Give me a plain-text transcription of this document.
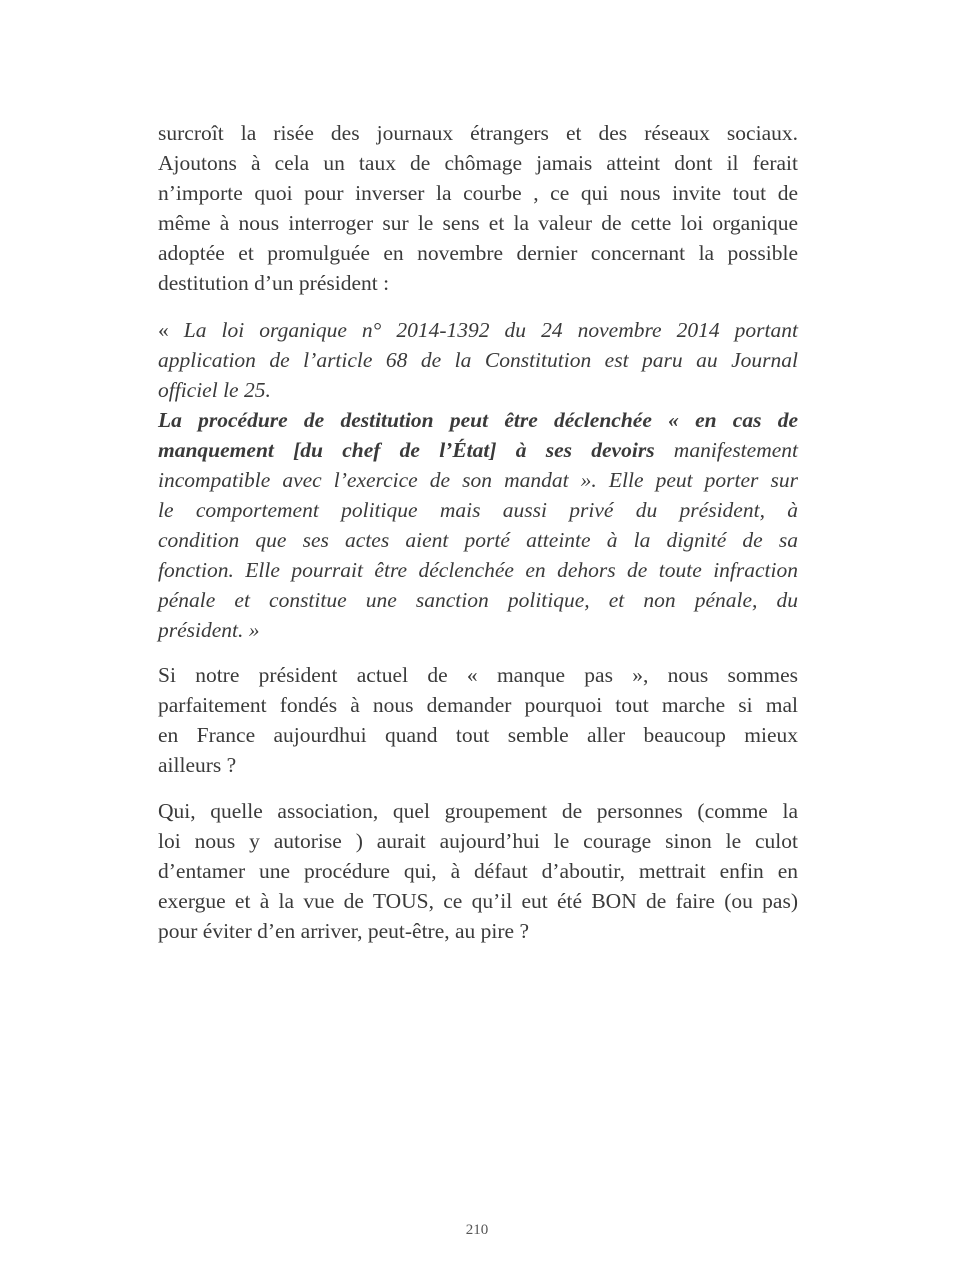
surcroît la risée des journaux étrangers et des réseaux sociaux.
Ajoutons à cela un taux de chômage jamais atteint dont il ferait
n’importe quoi pour inverser la courbe , ce qui nous invite tout de
même à nous interroger sur le sens et la valeur de cette loi organique
adoptée et promulguée en novembre dernier concernant la possible
destitution d’un président :

« La loi organique n° 2014-1392 du 24 novembre 2014 portant
application de l’article 68 de la Constitution est paru au Journal
officiel le 25.
La procédure de destitution peut être déclenchée « en cas de
manquement [du chef de l’État] à ses devoirs manifestement
incompatible avec l’exercice de son mandat ». Elle peut porter sur
le comportement politique mais aussi privé du président, à
condition que ses actes aient porté atteinte à la dignité de sa
fonction. Elle pourrait être déclenchée en dehors de toute infraction
pénale et constitue une sanction politique, et non pénale, du
président. »

Si notre président actuel de « manque pas », nous sommes
parfaitement fondés à nous demander pourquoi tout marche si mal
en France aujourdhui quand tout semble aller beaucoup mieux
ailleurs ?

Qui, quelle association, quel groupement de personnes (comme la
loi nous y autorise ) aurait aujourd’hui le courage sinon le culot
d’entamer une procédure qui, à défaut d’aboutir, mettrait enfin en
exergue et à la vue de TOUS, ce qu’il eut été BON de faire (ou pas)
pour éviter d’en arriver, peut-être, au pire ?

210
